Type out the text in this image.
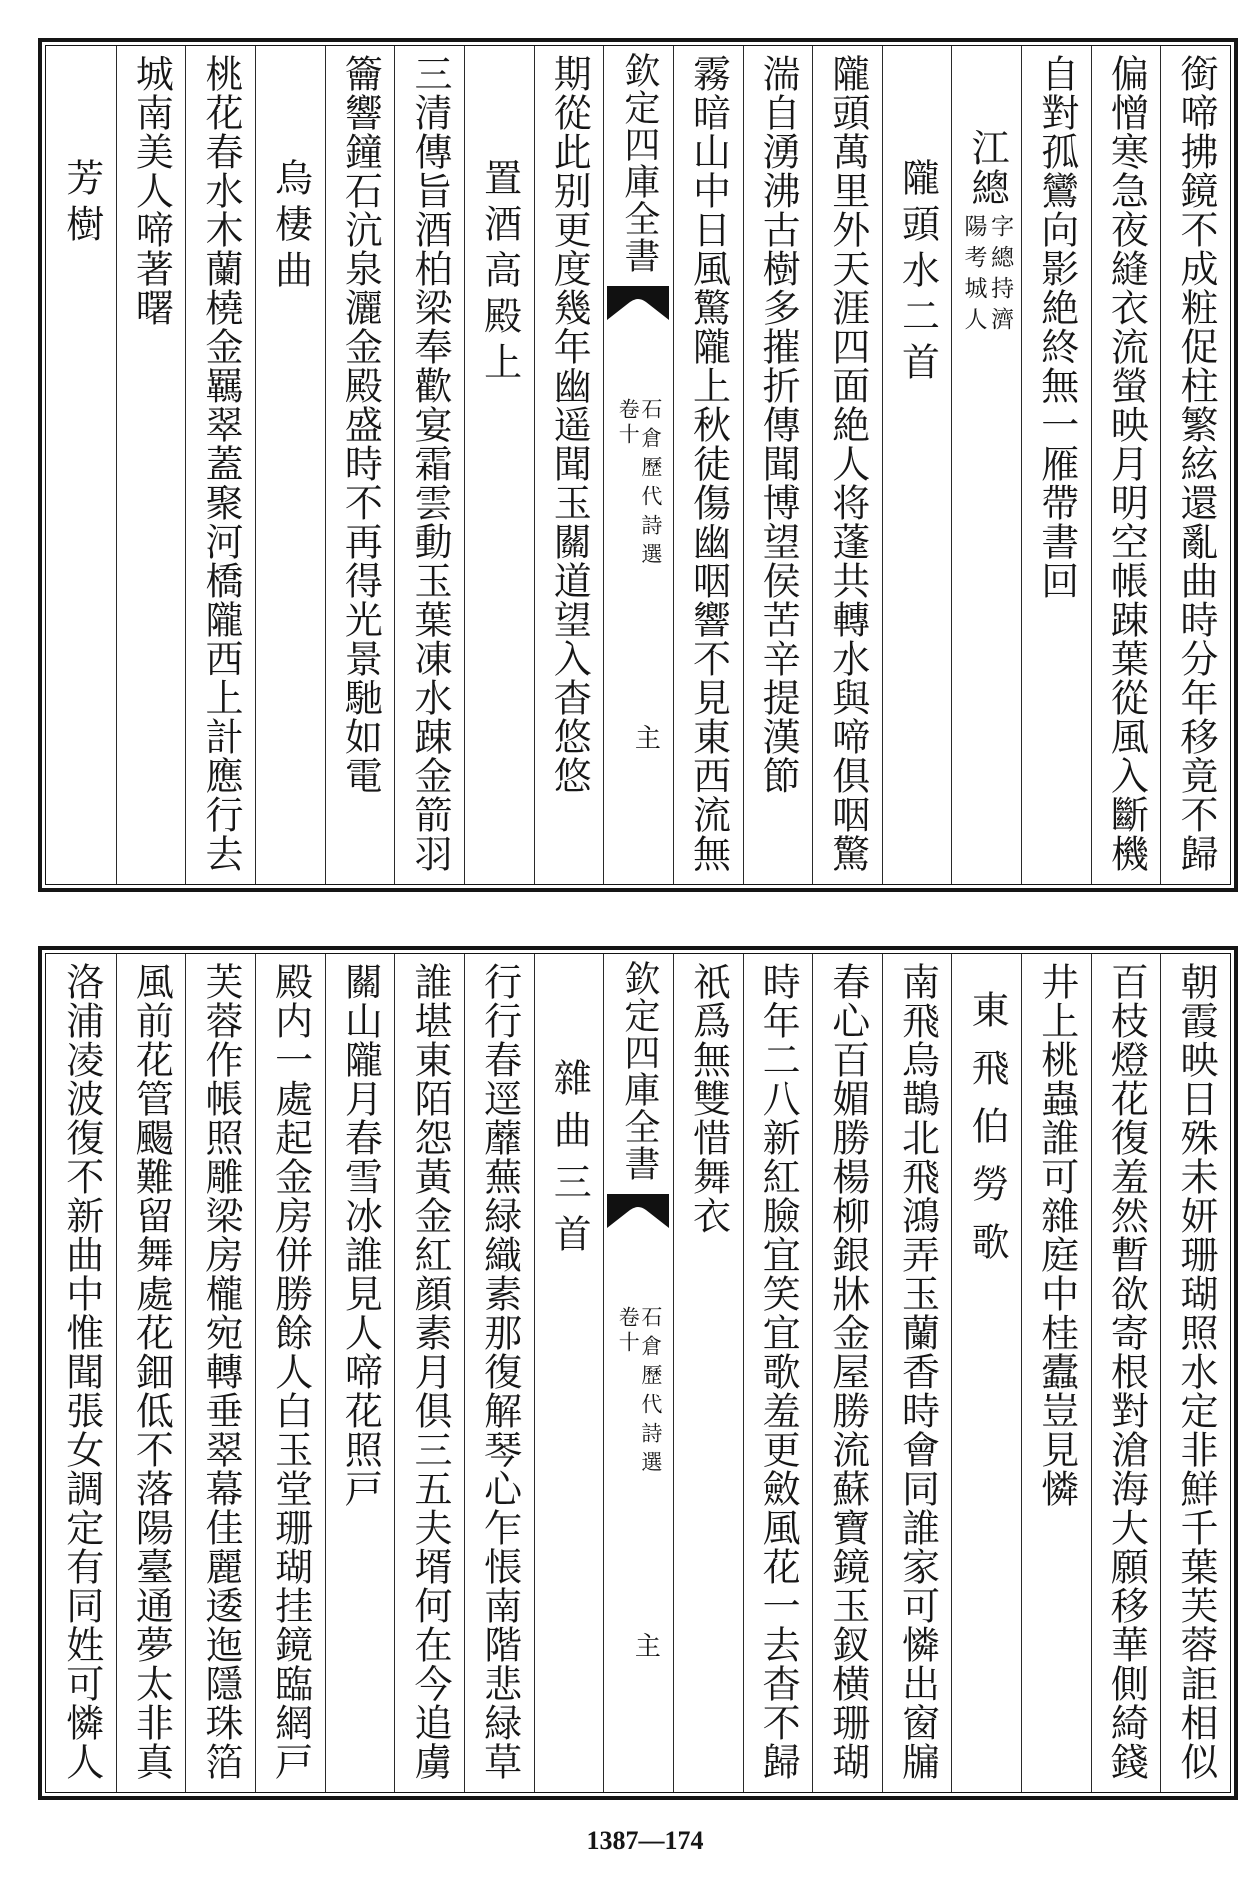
銜啼拂鏡不成粧促柱繁絃還亂曲時分年移竟不歸
偏憎寒急夜縫衣流螢映月明空帳踈葉從風入斷機
自對孤鸞向影絶終無一雁帶書回
江總
字總持濟
陽考城人
隴頭水二首
隴頭萬里外天涯四面絶人将蓬共轉水與啼俱咽驚
湍自湧沸古樹多摧折傳聞博望侯苦辛提漢節
霧暗山中日風驚隴上秋徒傷幽咽響不見東西流無
欽定四庫全書
石倉歷代詩選
卷十
主
期從此别更度幾年幽遥聞玉關道望入杳悠悠
置酒高殿上
三清傳旨酒柏梁奉歡宴霜雲動玉葉凍水踈金箭羽
籥響鐘石沆泉灑金殿盛時不再得光景馳如電
烏棲曲
桃花春水木蘭橈金羈翠蓋聚河橋隴西上計應行去
城南美人啼著曙
芳樹
朝霞映日殊未妍珊瑚照水定非鮮千葉芙蓉詎相似
百枝燈花復羞然暫欲寄根對滄海大願移華側綺錢
井上桃蟲誰可雜庭中桂蠹豈見憐
東飛伯勞歌
南飛烏鵲北飛鴻弄玉蘭香時會同誰家可憐出窗牖
春心百媚勝楊柳銀牀金屋勝流蘇寶鏡玉釵横珊瑚
時年二八新紅臉宜笑宜歌羞更斂風花一去杳不歸
祇爲無雙惜舞衣
欽定四庫全書
石倉歷代詩選
卷十
主
雜曲三首
行行春逕蘼蕪緑織素那復解琴心乍悵南階悲緑草
誰堪東陌怨黃金紅顔素月俱三五夫壻何在今追虜
關山隴月春雪冰誰見人啼花照戸
殿内一處起金房併勝餘人白玉堂珊瑚挂鏡臨網戸
芙蓉作帳照雕梁房櫳宛轉垂翠幕佳麗逶迤隱珠箔
風前花管颺難留舞處花鈿低不落陽臺通夢太非真
洛浦凌波復不新曲中惟聞張女調定有同姓可憐人
1387—174
